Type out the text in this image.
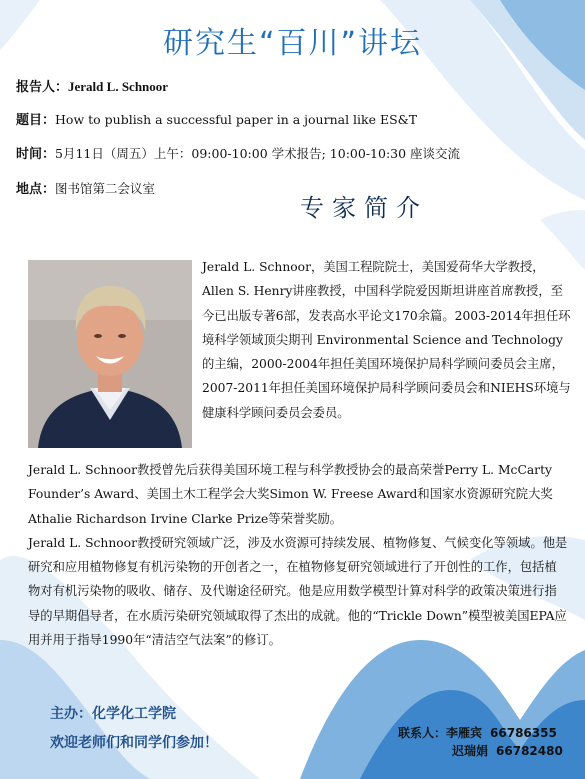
研究生“百川”讲坛
报告人：Jerald L. Schnoor
题目：How to publish a successful paper in a journal like ES&T
时间：5月11日（周五）上午：09:00-10:00 学术报告; 10:00-10:30 座谈交流
地点：图书馆第二会议室
专家简介
Jerald L. Schnoor，美国工程院院士，美国爱荷华大学教授，Allen S. Henry讲座教授，中国科学院爱因斯坦讲座首席教授，至今已出版专著6部，发表高水平论文170余篇。2003-2014年担任环境科学领域顶尖期刊 Environmental Science and Technology 的主编，2000-2004年担任美国环境保护局科学顾问委员会主席，2007-2011年担任美国环境保护局科学顾问委员会和NIEHS环境与健康科学顾问委员会委员。
Jerald L. Schnoor教授曾先后获得美国环境工程与科学教授协会的最高荣誉Perry L. McCarty Founder’s Award、美国土木工程学会大奖Simon W. Freese Award和国家水资源研究院大奖Athalie Richardson Irvine Clarke Prize等荣誉奖励。
Jerald L. Schnoor教授研究领域广泛，涉及水资源可持续发展、植物修复、气候变化等领域。他是研究和应用植物修复有机污染物的开创者之一，在植物修复研究领域进行了开创性的工作，包括植物对有机污染物的吸收、储存、及代谢途径研究。他是应用数学模型计算对科学的政策决策进行指导的早期倡导者，在水质污染研究领域取得了杰出的成就。他的“Trickle Down”模型被美国EPA应用并用于指导1990年“清洁空气法案”的修订。
主办：化学化工学院
欢迎老师们和同学们参加！
联系人：李雁宾 66786355
迟瑞娟 66782480
